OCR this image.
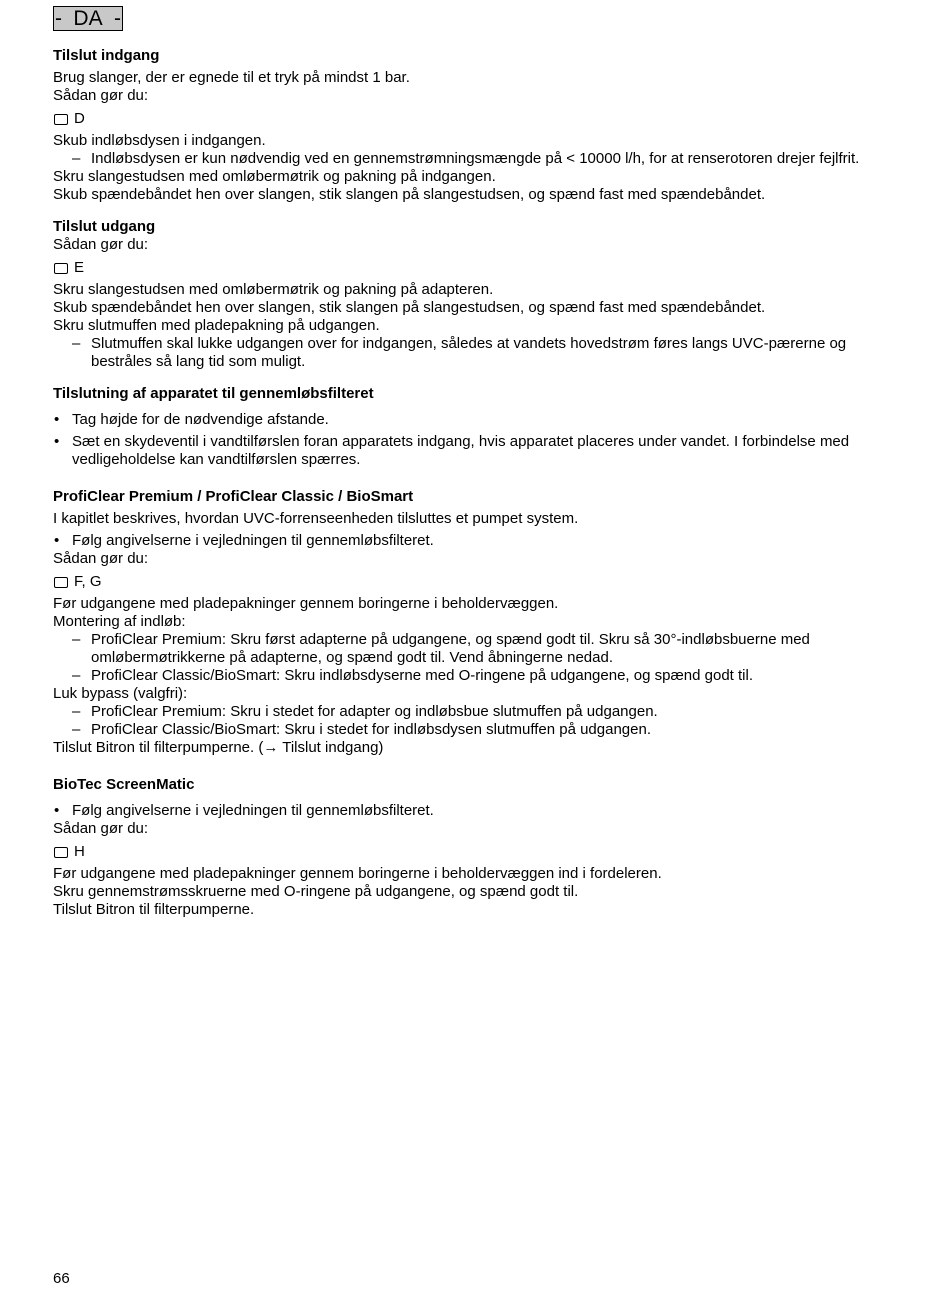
- DA -
Tilslut indgang

Brug slanger, der er egnede til et tryk på mindst 1 bar.

Sådan gør du:

D

Skub indløbsdysen i indgangen.

– Indløbsdysen er kun nødvendig ved en gennemstrømningsmængde på < 10000 l/h, for at renserotoren drejer fejlfrit.

Skru slangestudsen med omløbermøtrik og pakning på indgangen.

Skub spændebåndet hen over slangen, stik slangen på slangestudsen, og spænd fast med spændebåndet.

Tilslut udgang

Sådan gør du:

E

Skru slangestudsen med omløbermøtrik og pakning på adapteren.

Skub spændebåndet hen over slangen, stik slangen på slangestudsen, og spænd fast med spændebåndet.

Skru slutmuffen med pladepakning på udgangen.

– Slutmuffen skal lukke udgangen over for indgangen, således at vandets hovedstrøm føres langs UVC-pærerne og bestråles så lang tid som muligt.
Tilslutning af apparatet til gennemløbsfilteret
• Tag højde for de nødvendige afstande.
• Sæt en skydeventil i vandtilførslen foran apparatets indgang, hvis apparatet placeres under vandet. I forbindelse med vedligeholdelse kan vandtilførslen spærres.
ProfiClear Premium / ProfiClear Classic / BioSmart

I kapitlet beskrives, hvordan UVC-forrenseenheden tilsluttes et pumpet system.

• Følg angivelserne i vejledningen til gennemløbsfilteret.

Sådan gør du:

F, G

Før udgangene med pladepakninger gennem boringerne i beholdervæggen.

Montering af indløb:

– ProfiClear Premium: Skru først adapterne på udgangene, og spænd godt til. Skru så 30°-indløbsbuerne med omløbermøtrikkerne på adapterne, og spænd godt til. Vend åbningerne nedad.
– ProfiClear Classic/BioSmart: Skru indløbsdyserne med O-ringene på udgangene, og spænd godt til.

Luk bypass (valgfri):

– ProfiClear Premium: Skru i stedet for adapter og indløbsbue slutmuffen på udgangen.
– ProfiClear Classic/BioSmart: Skru i stedet for indløbsdysen slutmuffen på udgangen.

Tilslut Bitron til filterpumperne. (→ Tilslut indgang)

BioTec ScreenMatic
• Følg angivelserne i vejledningen til gennemløbsfilteret.

Sådan gør du:

H

Før udgangene med pladepakninger gennem boringerne i beholdervæggen ind i fordeleren.

Skru gennemstrømsskruerne med O-ringene på udgangene, og spænd godt til.

Tilslut Bitron til filterpumperne.

66
